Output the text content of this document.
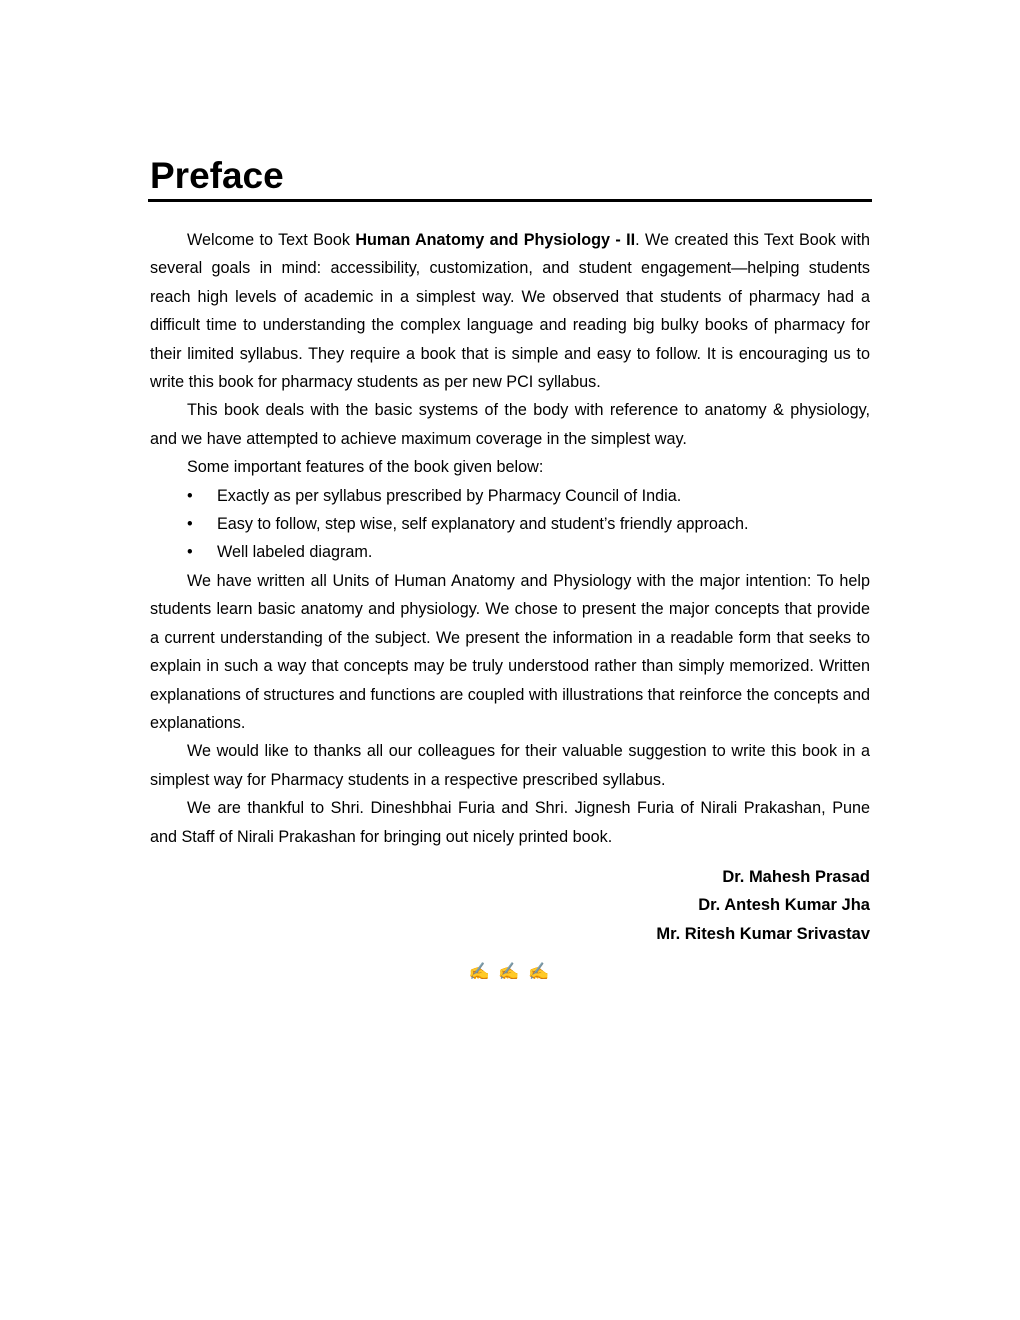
Preface

Welcome to Text Book Human Anatomy and Physiology - II. We created this Text Book with several goals in mind: accessibility, customization, and student engagement—helping students reach high levels of academic in a simplest way. We observed that students of pharmacy had a difficult time to understanding the complex language and reading big bulky books of pharmacy for their limited syllabus. They require a book that is simple and easy to follow. It is encouraging us to write this book for pharmacy students as per new PCI syllabus.

This book deals with the basic systems of the body with reference to anatomy & physiology, and we have attempted to achieve maximum coverage in the simplest way.

Some important features of the book given below:

• Exactly as per syllabus prescribed by Pharmacy Council of India.
• Easy to follow, step wise, self explanatory and student’s friendly approach.
• Well labeled diagram.

We have written all Units of Human Anatomy and Physiology with the major intention: To help students learn basic anatomy and physiology. We chose to present the major concepts that provide a current understanding of the subject. We present the information in a readable form that seeks to explain in such a way that concepts may be truly understood rather than simply memorized. Written explanations of structures and functions are coupled with illustrations that reinforce the concepts and explanations.

We would like to thanks all our colleagues for their valuable suggestion to write this book in a simplest way for Pharmacy students in a respective prescribed syllabus.

We are thankful to Shri. Dineshbhai Furia and Shri. Jignesh Furia of Nirali Prakashan, Pune and Staff of Nirali Prakashan for bringing out nicely printed book.

Dr. Mahesh Prasad
Dr. Antesh Kumar Jha
Mr. Ritesh Kumar Srivastav
✍ ✍ ✍
